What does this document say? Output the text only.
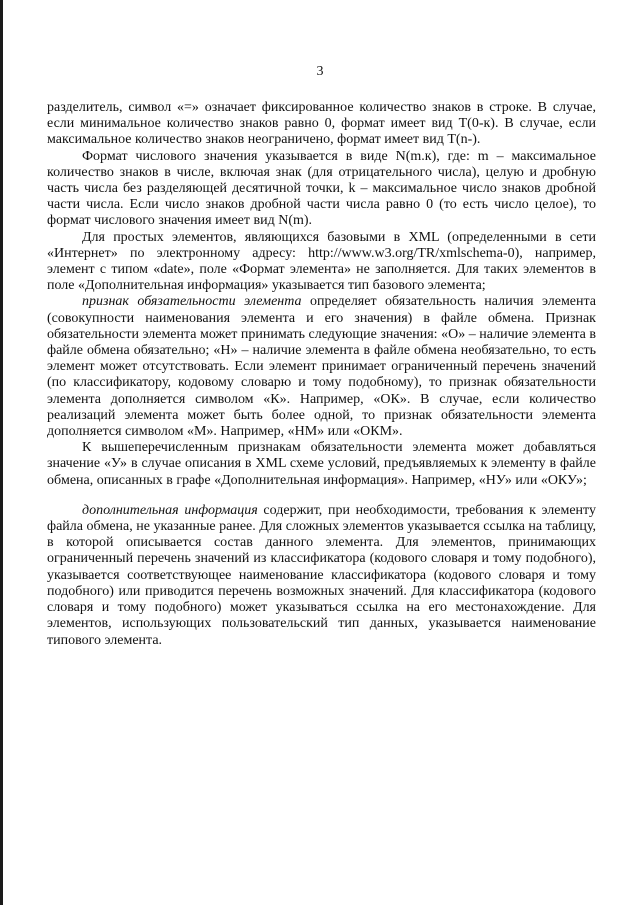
3

разделитель, символ «=» означает фиксированное количество знаков в строке. В случае, если минимальное количество знаков равно 0, формат имеет вид T(0-к). В случае, если максимальное количество знаков неограничено, формат имеет вид T(n-).

Формат числового значения указывается в виде N(m.к), где: m – максимальное количество знаков в числе, включая знак (для отрицательного числа), целую и дробную часть числа без разделяющей десятичной точки, k – максимальное число знаков дробной части числа. Если число знаков дробной части числа равно 0 (то есть число целое), то формат числового значения имеет вид N(m).

Для простых элементов, являющихся базовыми в XML (определенными в сети «Интернет» по электронному адресу: http://www.w3.org/TR/xmlschema-0), например, элемент с типом «date», поле «Формат элемента» не заполняется. Для таких элементов в поле «Дополнительная информация» указывается тип базового элемента;

признак обязательности элемента определяет обязательность наличия элемента (совокупности наименования элемента и его значения) в файле обмена. Признак обязательности элемента может принимать следующие значения: «О» – наличие элемента в файле обмена обязательно; «Н» – наличие элемента в файле обмена необязательно, то есть элемент может отсутствовать. Если элемент принимает ограниченный перечень значений (по классификатору, кодовому словарю и тому подобному), то признак обязательности элемента дополняется символом «К». Например, «ОК». В случае, если количество реализаций элемента может быть более одной, то признак обязательности элемента дополняется символом «М». Например, «НМ» или «ОКМ».

К вышеперечисленным признакам обязательности элемента может добавляться значение «У» в случае описания в XML схеме условий, предъявляемых к элементу в файле обмена, описанных в графе «Дополнительная информация». Например, «НУ» или «ОКУ»;

дополнительная информация содержит, при необходимости, требования к элементу файла обмена, не указанные ранее. Для сложных элементов указывается ссылка на таблицу, в которой описывается состав данного элемента. Для элементов, принимающих ограниченный перечень значений из классификатора (кодового словаря и тому подобного), указывается соответствующее наименование классификатора (кодового словаря и тому подобного) или приводится перечень возможных значений. Для классификатора (кодового словаря и тому подобного) может указываться ссылка на его местонахождение. Для элементов, использующих пользовательский тип данных, указывается наименование типового элемента.
